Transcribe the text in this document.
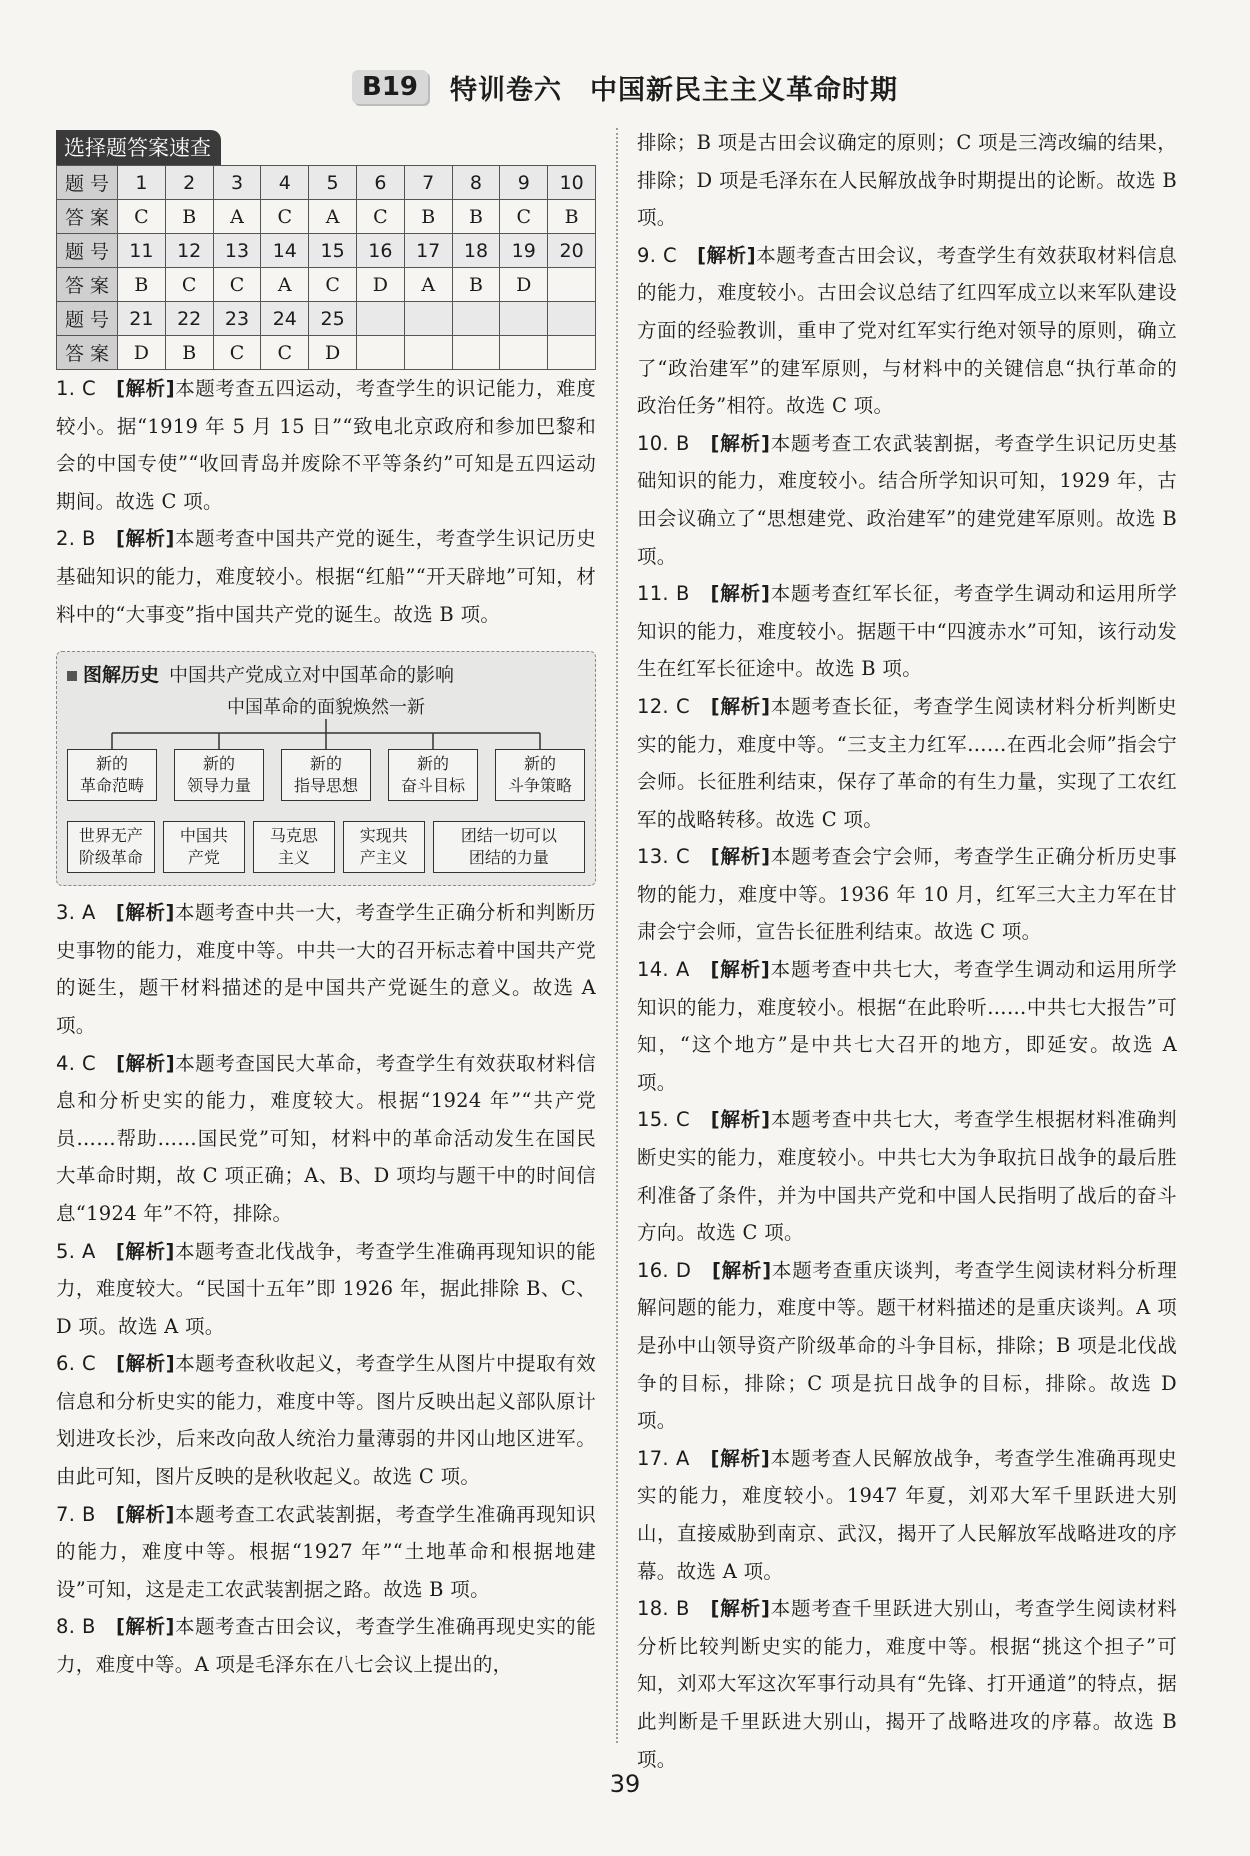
B19	特训卷六　中国新民主主义革命时期
选择题答案速查
题 号	1	2	3	4	5	6	7	8	9	10
答 案	C	B	A	C	A	C	B	B	C	B
题 号	11	12	13	14	15	16	17	18	19	20
答 案	B	C	C	A	C	D	A	B	D	
题 号	21	22	23	24	25					
答 案	D	B	C	C	D					

1. C　[解析]本题考查五四运动，考查学生的识记能力，难度较小。据“1919 年 5 月 15 日”“致电北京政府和参加巴黎和会的中国专使”“收回青岛并废除不平等条约”可知是五四运动期间。故选 C 项。

2. B　[解析]本题考查中国共产党的诞生，考查学生识记历史基础知识的能力，难度较小。根据“红船”“开天辟地”可知，材料中的“大事变”指中国共产党的诞生。故选 B 项。

图解历史 中国共产党成立对中国革命的影响
中国革命的面貌焕然一新
新的
革命范畴
新的
领导力量
新的
指导思想
新的
奋斗目标
新的
斗争策略
世界无产
阶级革命
中国共
产党
马克思
主义
实现共
产主义
团结一切可以
团结的力量

3. A　[解析]本题考查中共一大，考查学生正确分析和判断历史事物的能力，难度中等。中共一大的召开标志着中国共产党的诞生，题干材料描述的是中国共产党诞生的意义。故选 A 项。

4. C　[解析]本题考查国民大革命，考查学生有效获取材料信息和分析史实的能力，难度较大。根据“1924 年”“共产党员……帮助……国民党”可知，材料中的革命活动发生在国民大革命时期，故 C 项正确；A、B、D 项均与题干中的时间信息“1924 年”不符，排除。

5. A　[解析]本题考查北伐战争，考查学生准确再现知识的能力，难度较大。“民国十五年”即 1926 年，据此排除 B、C、D 项。故选 A 项。

6. C　[解析]本题考查秋收起义，考查学生从图片中提取有效信息和分析史实的能力，难度中等。图片反映出起义部队原计划进攻长沙，后来改向敌人统治力量薄弱的井冈山地区进军。由此可知，图片反映的是秋收起义。故选 C 项。

7. B　[解析]本题考查工农武装割据，考查学生准确再现知识的能力，难度中等。根据“1927 年”“土地革命和根据地建设”可知，这是走工农武装割据之路。故选 B 项。

8. B　[解析]本题考查古田会议，考查学生准确再现史实的能力，难度中等。A 项是毛泽东在八七会议上提出的，

排除；B 项是古田会议确定的原则；C 项是三湾改编的结果，排除；D 项是毛泽东在人民解放战争时期提出的论断。故选 B 项。

9. C　[解析]本题考查古田会议，考查学生有效获取材料信息的能力，难度较小。古田会议总结了红四军成立以来军队建设方面的经验教训，重申了党对红军实行绝对领导的原则，确立了“政治建军”的建军原则，与材料中的关键信息“执行革命的政治任务”相符。故选 C 项。

10. B　[解析]本题考查工农武装割据，考查学生识记历史基础知识的能力，难度较小。结合所学知识可知，1929 年，古田会议确立了“思想建党、政治建军”的建党建军原则。故选 B 项。

11. B　[解析]本题考查红军长征，考查学生调动和运用所学知识的能力，难度较小。据题干中“四渡赤水”可知，该行动发生在红军长征途中。故选 B 项。

12. C　[解析]本题考查长征，考查学生阅读材料分析判断史实的能力，难度中等。“三支主力红军……在西北会师”指会宁会师。长征胜利结束，保存了革命的有生力量，实现了工农红军的战略转移。故选 C 项。

13. C　[解析]本题考查会宁会师，考查学生正确分析历史事物的能力，难度中等。1936 年 10 月，红军三大主力军在甘肃会宁会师，宣告长征胜利结束。故选 C 项。

14. A　[解析]本题考查中共七大，考查学生调动和运用所学知识的能力，难度较小。根据“在此聆听……中共七大报告”可知，“这个地方”是中共七大召开的地方，即延安。故选 A 项。

15. C　[解析]本题考查中共七大，考查学生根据材料准确判断史实的能力，难度较小。中共七大为争取抗日战争的最后胜利准备了条件，并为中国共产党和中国人民指明了战后的奋斗方向。故选 C 项。

16. D　[解析]本题考查重庆谈判，考查学生阅读材料分析理解问题的能力，难度中等。题干材料描述的是重庆谈判。A 项是孙中山领导资产阶级革命的斗争目标，排除；B 项是北伐战争的目标，排除；C 项是抗日战争的目标，排除。故选 D 项。

17. A　[解析]本题考查人民解放战争，考查学生准确再现史实的能力，难度较小。1947 年夏，刘邓大军千里跃进大别山，直接威胁到南京、武汉，揭开了人民解放军战略进攻的序幕。故选 A 项。

18. B　[解析]本题考查千里跃进大别山，考查学生阅读材料分析比较判断史实的能力，难度中等。根据“挑这个担子”可知，刘邓大军这次军事行动具有“先锋、打开通道”的特点，据此判断是千里跃进大别山，揭开了战略进攻的序幕。故选 B 项。

39
